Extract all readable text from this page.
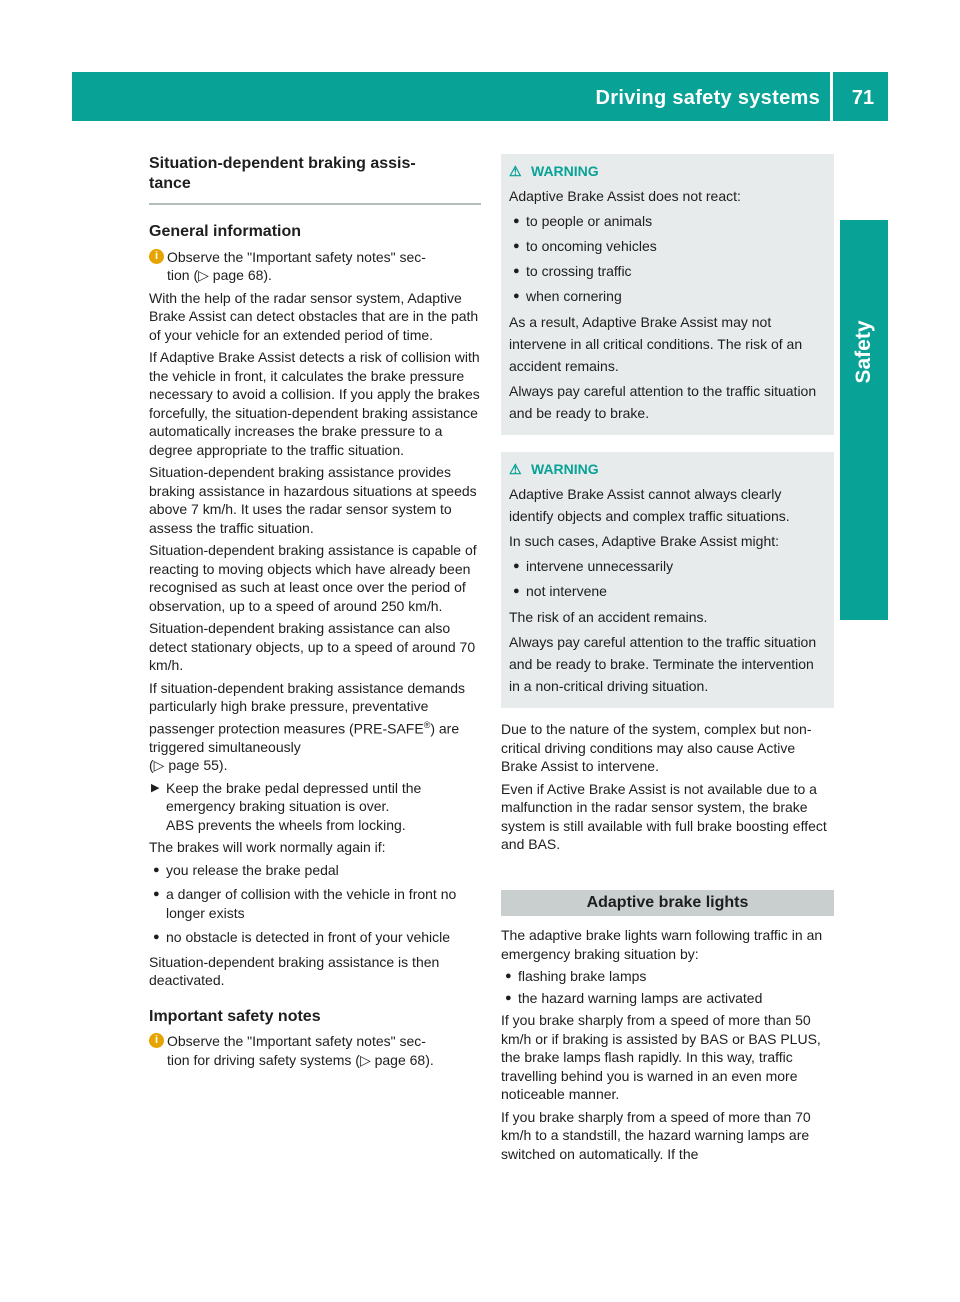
Driving safety systems	71
Safety
Situation-dependent braking assis-
tance
General information
i Observe the "Important safety notes" sec-
tion (▷ page 68).

With the help of the radar sensor system, Adaptive Brake Assist can detect obstacles that are in the path of your vehicle for an extended period of time.

If Adaptive Brake Assist detects a risk of collision with the vehicle in front, it calculates the brake pressure necessary to avoid a collision. If you apply the brakes forcefully, the situation-dependent braking assistance automatically increases the brake pressure to a degree appropriate to the traffic situation.

Situation-dependent braking assistance provides braking assistance in hazardous situations at speeds above 7 km/h. It uses the radar sensor system to assess the traffic situation.

Situation-dependent braking assistance is capable of reacting to moving objects which have already been recognised as such at least once over the period of observation, up to a speed of around 250 km/h.

Situation-dependent braking assistance can also detect stationary objects, up to a speed of around 70 km/h.

If situation-dependent braking assistance demands particularly high brake pressure, preventative passenger protection measures (PRE-SAFE®) are triggered simultaneously
(▷ page 55).

▶ Keep the brake pedal depressed until the emergency braking situation is over.
ABS prevents the wheels from locking.

The brakes will work normally again if:

● you release the brake pedal
● a danger of collision with the vehicle in front no longer exists
● no obstacle is detected in front of your vehicle

Situation-dependent braking assistance is then deactivated.

Important safety notes
i Observe the "Important safety notes" sec-
tion for driving safety systems (▷ page 68).
⚠ WARNING

Adaptive Brake Assist does not react:

● to people or animals
● to oncoming vehicles
● to crossing traffic
● when cornering

As a result, Adaptive Brake Assist may not intervene in all critical conditions. The risk of an accident remains.

Always pay careful attention to the traffic situation and be ready to brake.

⚠ WARNING

Adaptive Brake Assist cannot always clearly identify objects and complex traffic situations.

In such cases, Adaptive Brake Assist might:

● intervene unnecessarily
● not intervene

The risk of an accident remains.

Always pay careful attention to the traffic situation and be ready to brake. Terminate the intervention in a non-critical driving situation.

Due to the nature of the system, complex but non-critical driving conditions may also cause Active Brake Assist to intervene.

Even if Active Brake Assist is not available due to a malfunction in the radar sensor system, the brake system is still available with full brake boosting effect and BAS.

Adaptive brake lights

The adaptive brake lights warn following traffic in an emergency braking situation by:

● flashing brake lamps
● the hazard warning lamps are activated

If you brake sharply from a speed of more than 50 km/h or if braking is assisted by BAS or BAS PLUS, the brake lamps flash rapidly. In this way, traffic travelling behind you is warned in an even more noticeable manner.

If you brake sharply from a speed of more than 70 km/h to a standstill, the hazard warning lamps are switched on automatically. If the
